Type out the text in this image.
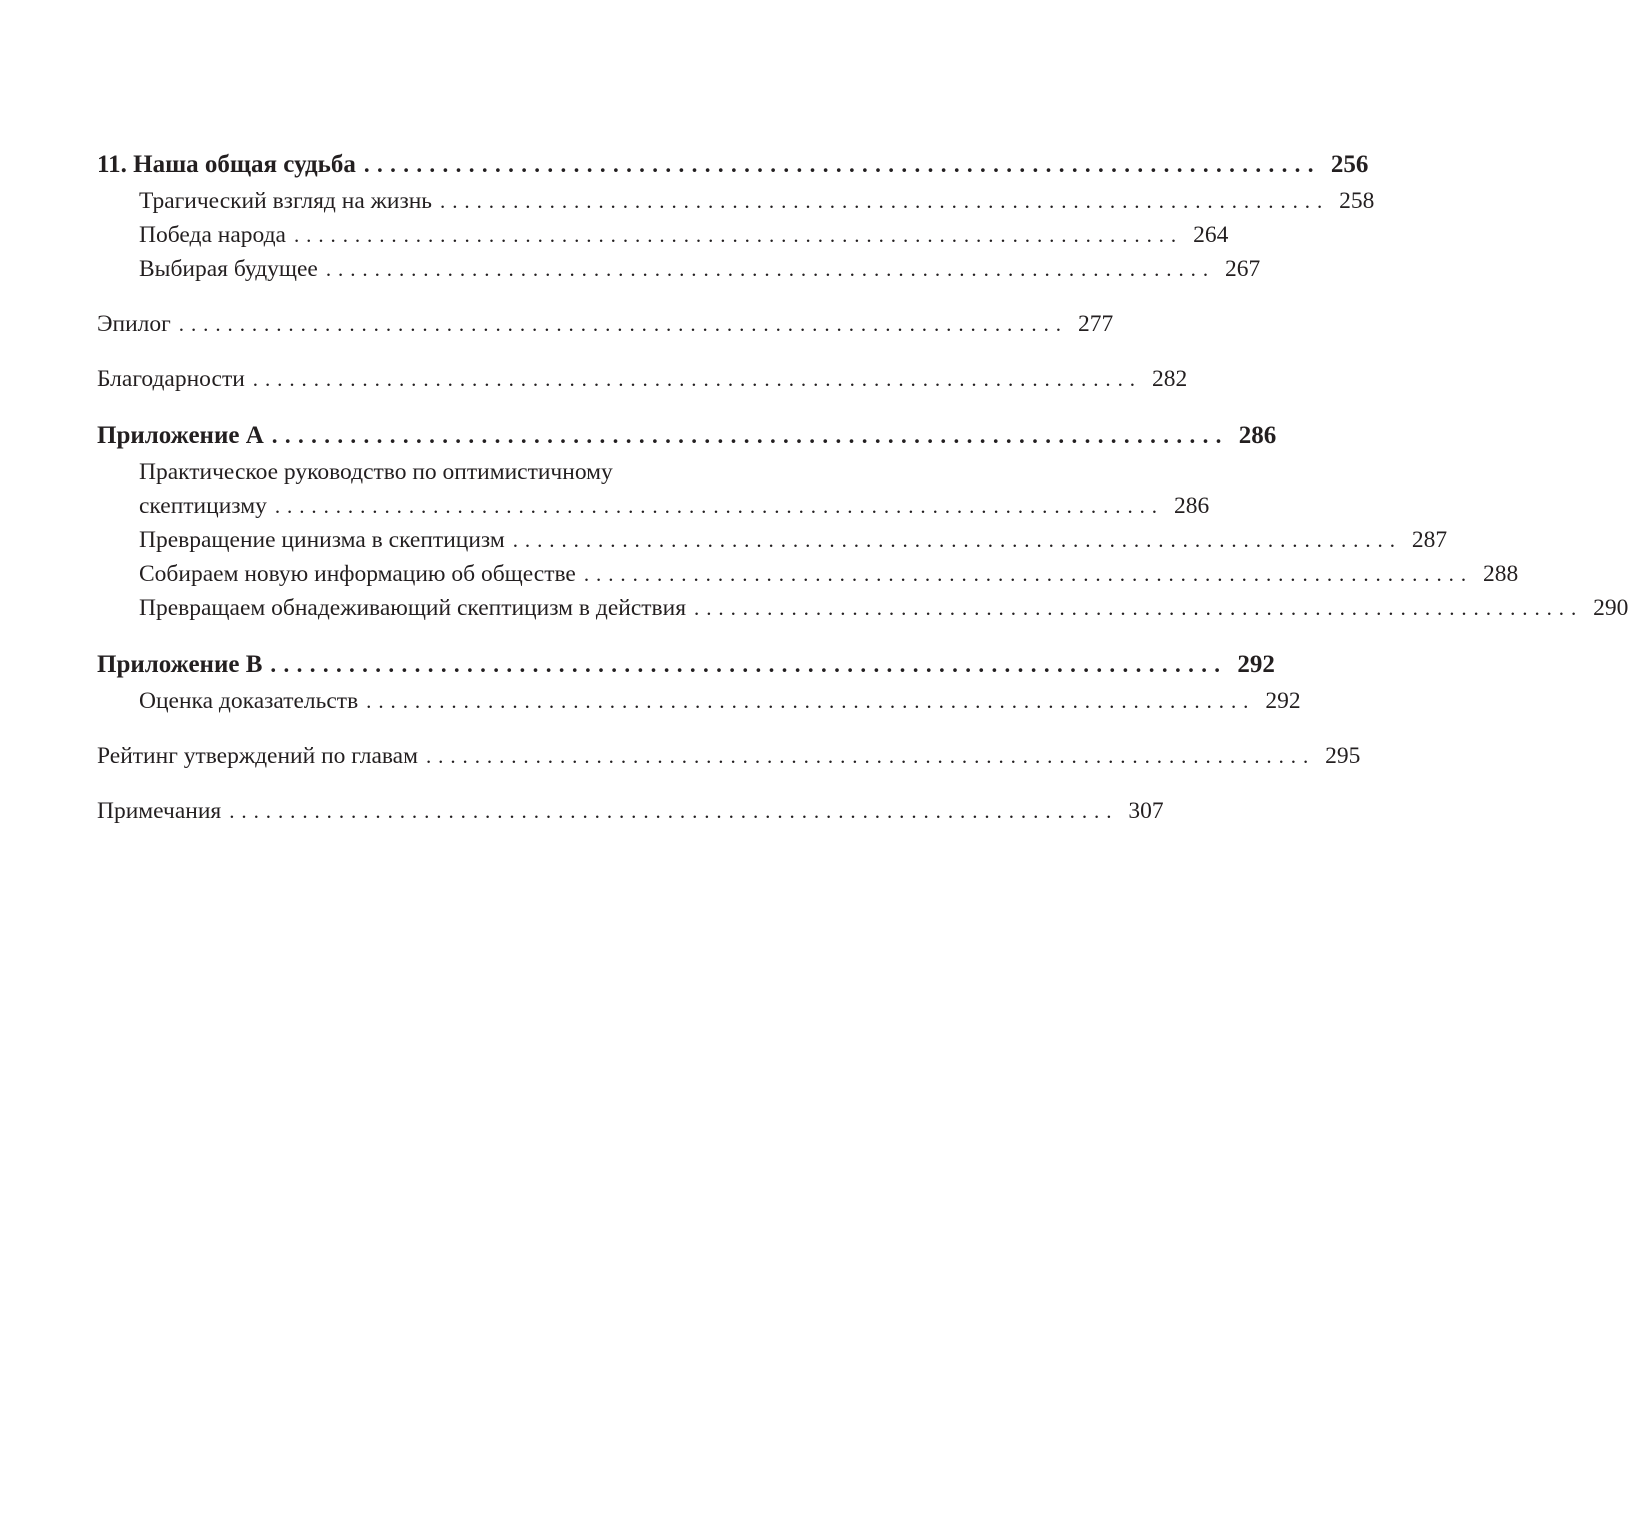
11. Наша общая судьба ......................................................................... 256
Трагический взгляд на жизнь ......................................................................... 258
Победа народа ......................................................................... 264
Выбирая будущее ......................................................................... 267
Эпилог ......................................................................... 277
Благодарности ......................................................................... 282
Приложение А ......................................................................... 286
Практическое руководство по оптимистичному
скептицизму ......................................................................... 286
Превращение цинизма в скептицизм ......................................................................... 287
Собираем новую информацию об обществе ......................................................................... 288
Превращаем обнадеживающий скептицизм в действия ......................................................................... 290
Приложение В ......................................................................... 292
Оценка доказательств ......................................................................... 292
Рейтинг утверждений по главам ......................................................................... 295
Примечания ......................................................................... 307
